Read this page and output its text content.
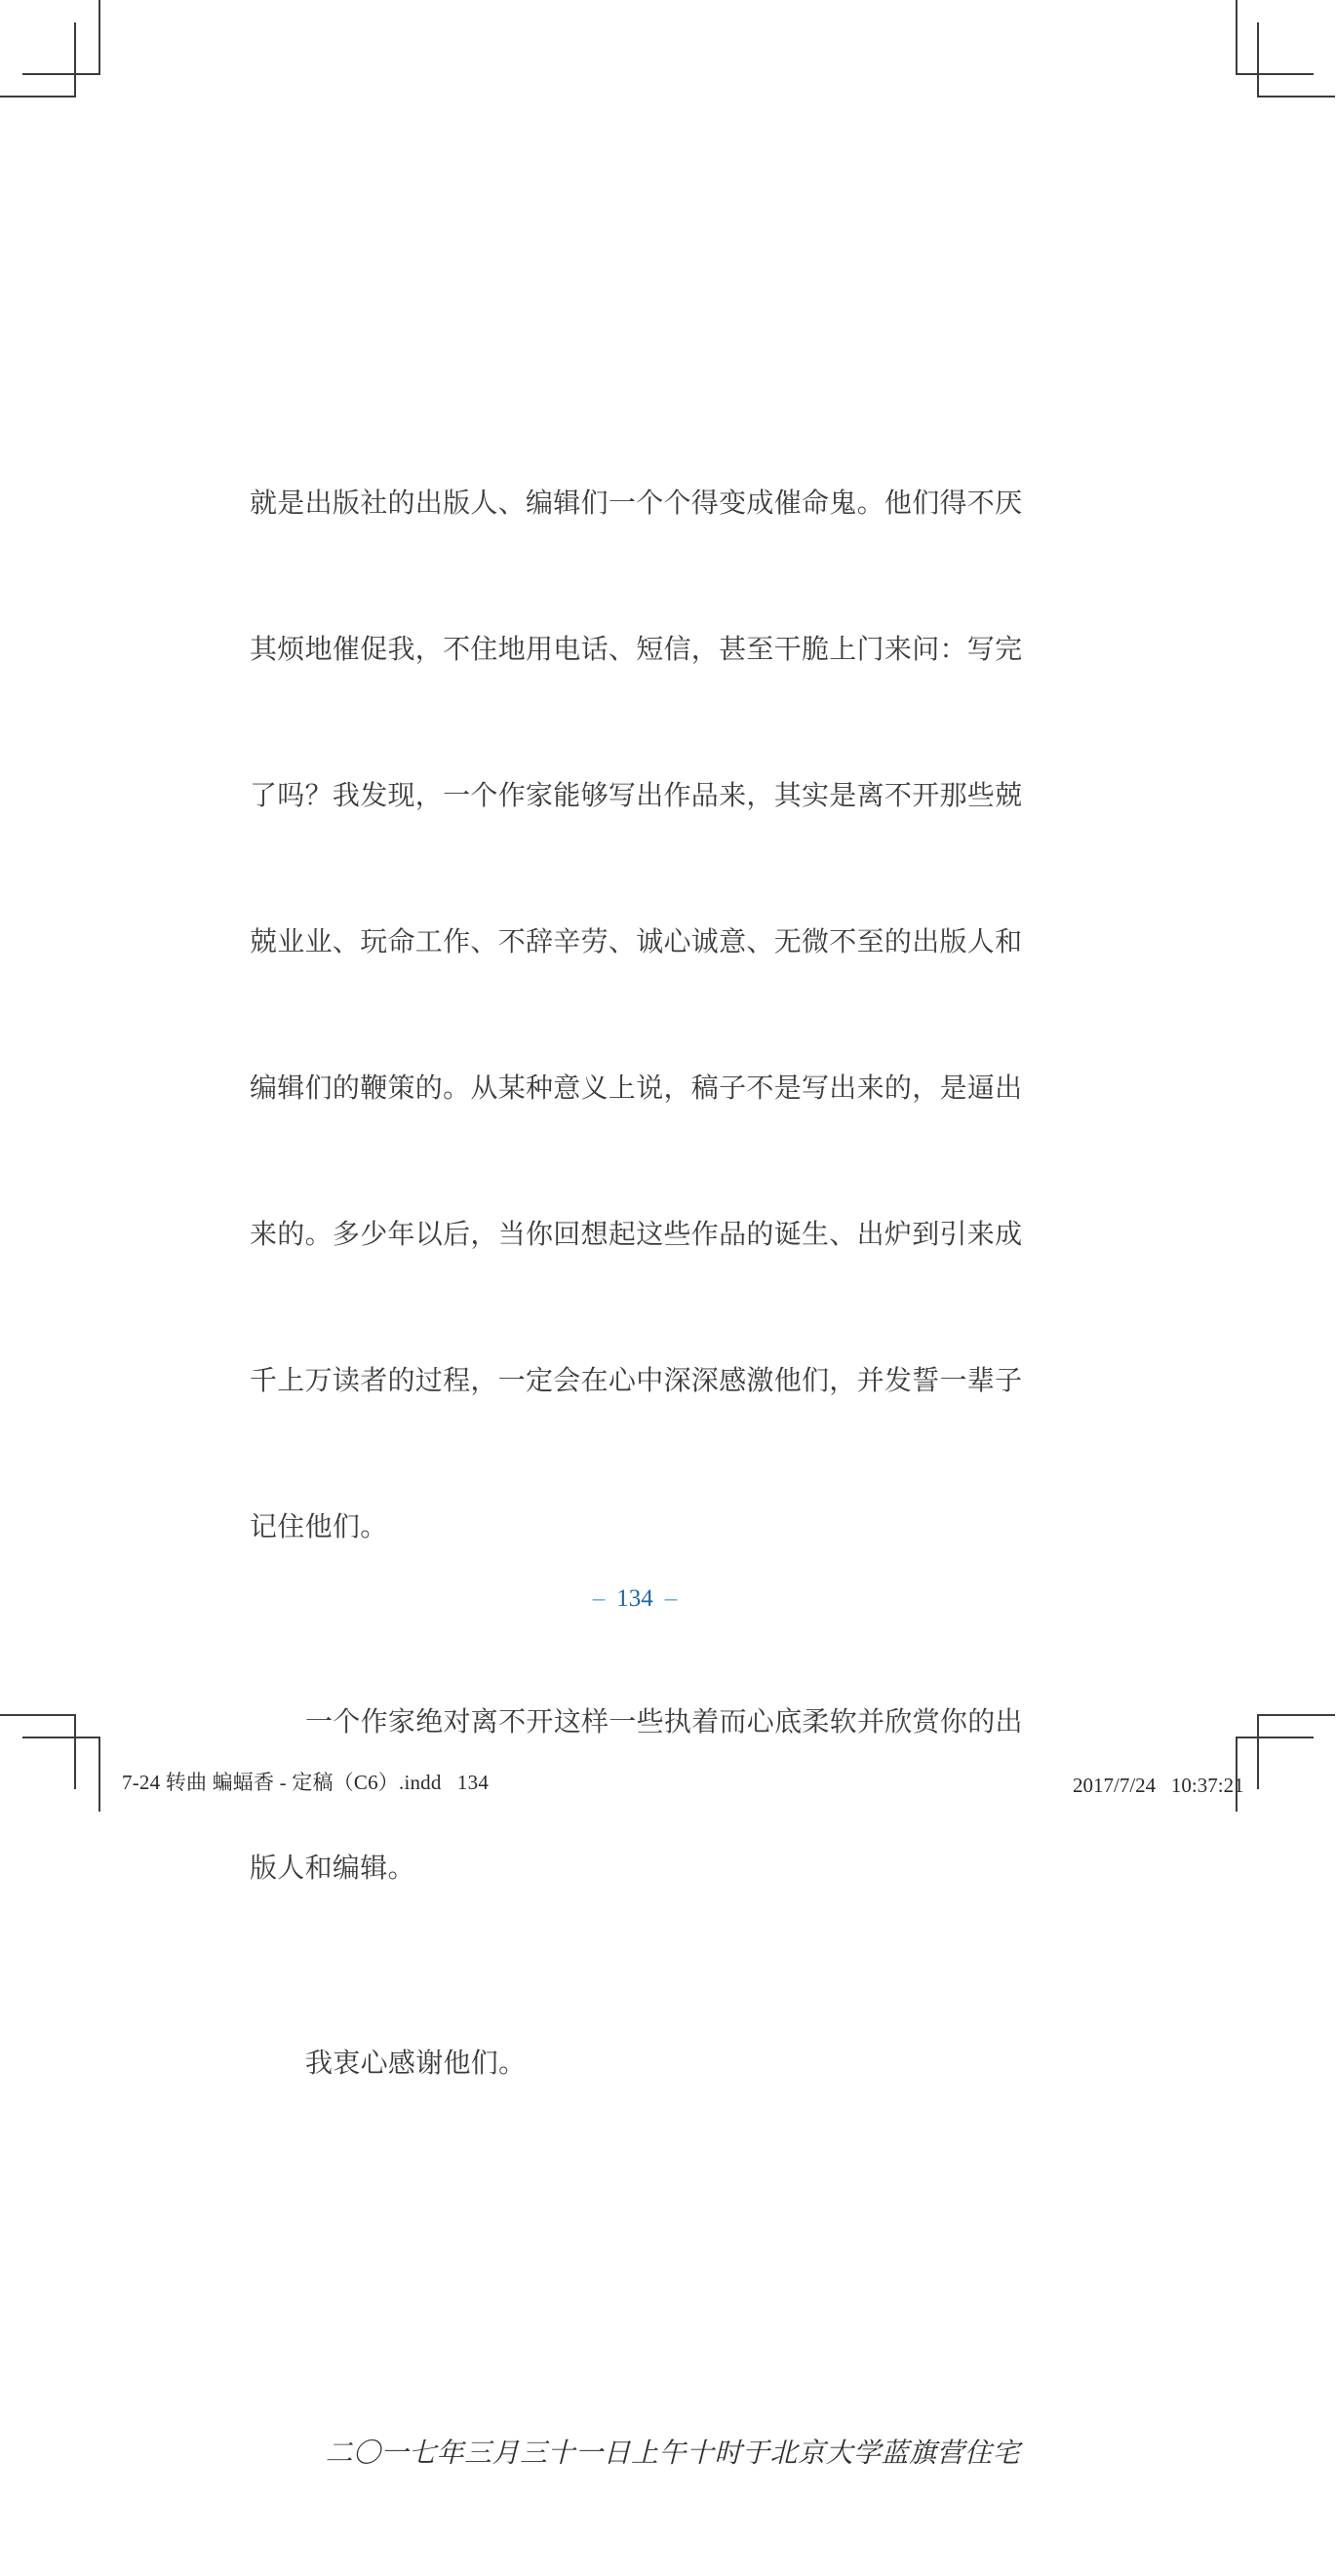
就是出版社的出版人、编辑们一个个得变成催命鬼。他们得不厌

其烦地催促我，不住地用电话、短信，甚至干脆上门来问：写完

了吗？我发现，一个作家能够写出作品来，其实是离不开那些兢

兢业业、玩命工作、不辞辛劳、诚心诚意、无微不至的出版人和

编辑们的鞭策的。从某种意义上说，稿子不是写出来的，是逼出

来的。多少年以后，当你回想起这些作品的诞生、出炉到引来成

千上万读者的过程，一定会在心中深深感激他们，并发誓一辈子

记住他们。

一个作家绝对离不开这样一些执着而心底柔软并欣赏你的出

版人和编辑。

我衷心感谢他们。

二〇一七年三月三十一日上午十时于北京大学蓝旗营住宅

– 134 –
7-24 转曲 蝙蝠香 - 定稿（C6）.indd   134	2017/7/24   10:37:21
